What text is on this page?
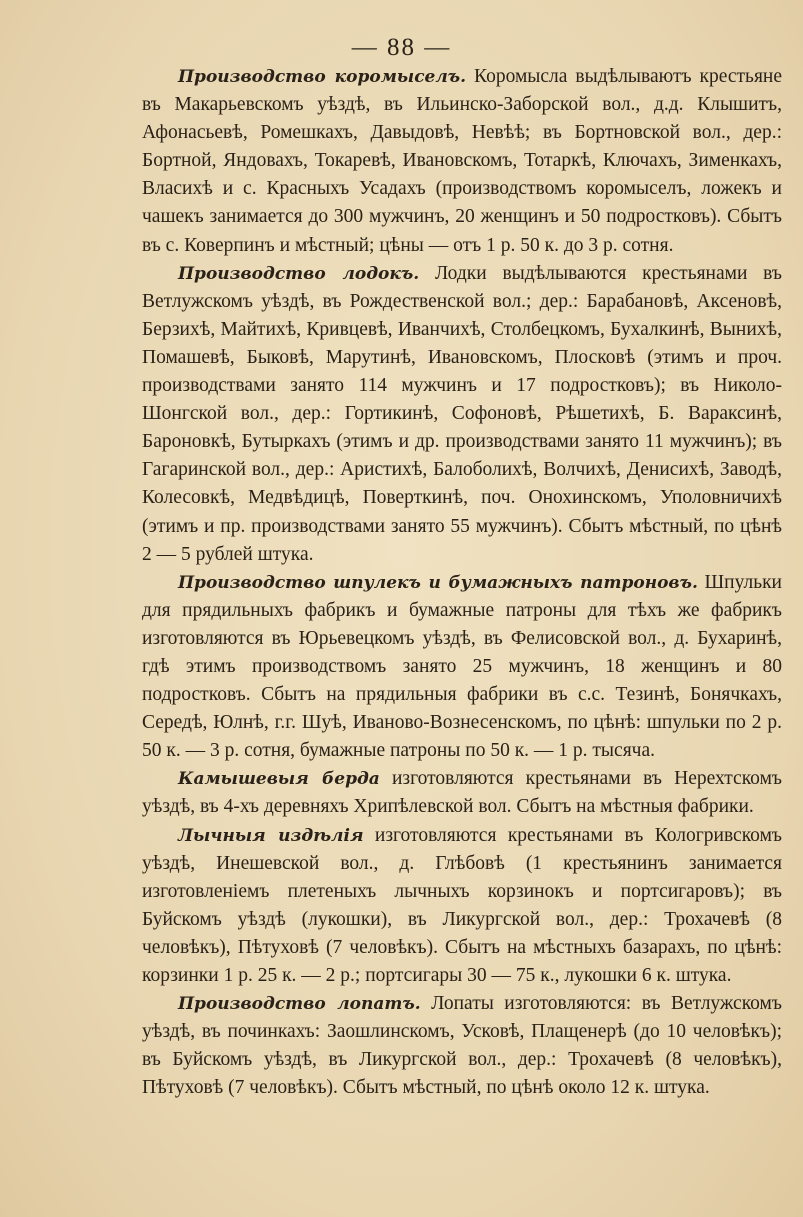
— 88 —

Производство коромыселъ. Коромысла выдѣлываютъ крестьяне въ Макарьевскомъ уѣздѣ, въ Ильинско-Заборской вол., д.д. Клышитъ, Афонасьевѣ, Ромешкахъ, Давыдовѣ, Невѣѣ; въ Бортновской вол., дер.: Бортной, Яндовахъ, Токаревѣ, Ивановскомъ, Тотаркѣ, Ключахъ, Зименкахъ, Власихѣ и с. Красныхъ Усадахъ (производствомъ коромыселъ, ложекъ и чашекъ занимается до 300 мужчинъ, 20 женщинъ и 50 подростковъ). Сбытъ въ с. Коверпинъ и мѣстный; цѣны — отъ 1 р. 50 к. до 3 р. сотня.

Производство лодокъ. Лодки выдѣлываются крестьянами въ Ветлужскомъ уѣздѣ, въ Рождественской вол.; дер.: Барабановѣ, Аксеновѣ, Берзихѣ, Майтихѣ, Кривцевѣ, Иванчихѣ, Столбецкомъ, Бухалкинѣ, Вынихѣ, Помашевѣ, Быковѣ, Марутинѣ, Ивановскомъ, Плосковѣ (этимъ и проч. производствами занято 114 мужчинъ и 17 подростковъ); въ Николо-Шонгской вол., дер.: Гортикинѣ, Софоновѣ, Рѣшетихѣ, Б. Вараксинѣ, Бароновкѣ, Бутыркахъ (этимъ и др. производствами занято 11 мужчинъ); въ Гагаринской вол., дер.: Аристихѣ, Балоболихѣ, Волчихѣ, Денисихѣ, Заводѣ, Колесовкѣ, Медвѣдицѣ, Поверткинѣ, поч. Онохинскомъ, Уполовничихѣ (этимъ и пр. производствами занято 55 мужчинъ). Сбытъ мѣстный, по цѣнѣ 2 — 5 рублей штука.

Производство шпулекъ и бумажныхъ патроновъ. Шпульки для прядильныхъ фабрикъ и бумажные патроны для тѣхъ же фабрикъ изготовляются въ Юрьевецкомъ уѣздѣ, въ Фелисовской вол., д. Бухаринѣ, гдѣ этимъ производствомъ занято 25 мужчинъ, 18 женщинъ и 80 подростковъ. Сбытъ на прядильныя фабрики въ с.с. Тезинѣ, Бонячкахъ, Середѣ, Юлнѣ, г.г. Шуѣ, Иваново-Вознесенскомъ, по цѣнѣ: шпульки по 2 р. 50 к. — 3 р. сотня, бумажные патроны по 50 к. — 1 р. тысяча.

Камышевыя берда изготовляются крестьянами въ Нерехтскомъ уѣздѣ, въ 4-хъ деревняхъ Хрипѣлевской вол. Сбытъ на мѣстныя фабрики.

Лычныя издѣлія изготовляются крестьянами въ Кологривскомъ уѣздѣ, Инешевской вол., д. Глѣбовѣ (1 крестьянинъ занимается изготовленіемъ плетеныхъ лычныхъ корзинокъ и портсигаровъ); въ Буйскомъ уѣздѣ (лукошки), въ Ликургской вол., дер.: Трохачевѣ (8 человѣкъ), Пѣтуховѣ (7 человѣкъ). Сбытъ на мѣстныхъ базарахъ, по цѣнѣ: корзинки 1 р. 25 к. — 2 р.; портсигары 30 — 75 к., лукошки 6 к. штука.

Производство лопатъ. Лопаты изготовляются: въ Ветлужскомъ уѣздѣ, въ починкахъ: Заошлинскомъ, Усковѣ, Плащенерѣ (до 10 человѣкъ); въ Буйскомъ уѣздѣ, въ Ликургской вол., дер.: Трохачевѣ (8 человѣкъ), Пѣтуховѣ (7 человѣкъ). Сбытъ мѣстный, по цѣнѣ около 12 к. штука.
